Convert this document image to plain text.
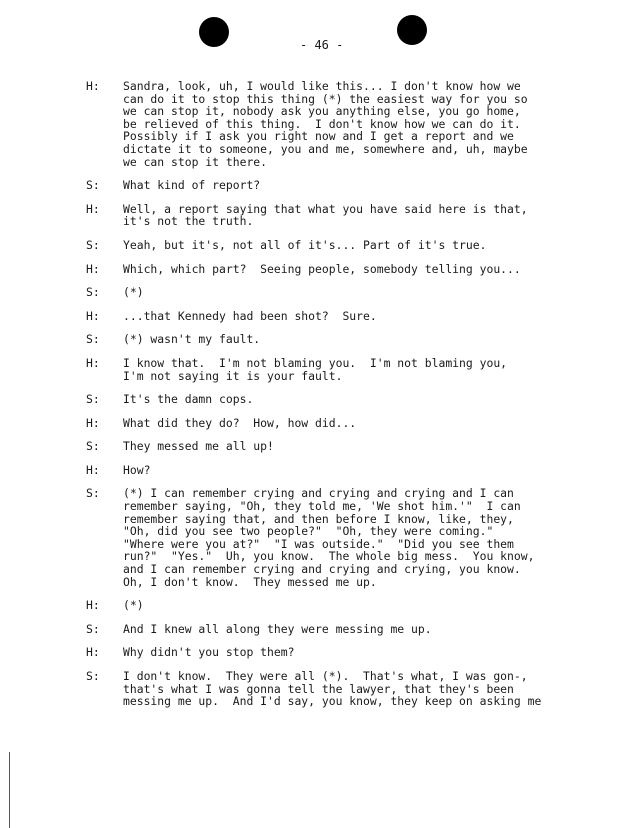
- 46 -
H:	Sandra, look, uh, I would like this... I don't know how we
can do it to stop this thing (*) the easiest way for you so
we can stop it, nobody ask you anything else, you go home,
be relieved of this thing.  I don't know how we can do it.
Possibly if I ask you right now and I get a report and we
dictate it to someone, you and me, somewhere and, uh, maybe
we can stop it there.
S:	What kind of report?
H:	Well, a report saying that what you have said here is that,
it's not the truth.
S:	Yeah, but it's, not all of it's... Part of it's true.
H:	Which, which part?  Seeing people, somebody telling you...
S:	(*)
H:	...that Kennedy had been shot?  Sure.
S:	(*) wasn't my fault.
H:	I know that.  I'm not blaming you.  I'm not blaming you,
I'm not saying it is your fault.
S:	It's the damn cops.
H:	What did they do?  How, how did...
S:	They messed me all up!
H:	How?
S:	(*) I can remember crying and crying and crying and I can
remember saying, "Oh, they told me, 'We shot him.'"  I can
remember saying that, and then before I know, like, they,
"Oh, did you see two people?"  "Oh, they were coming."
"Where were you at?"  "I was outside."  "Did you see them
run?"  "Yes."  Uh, you know.  The whole big mess.  You know,
and I can remember crying and crying and crying, you know.
Oh, I don't know.  They messed me up.
H:	(*)
S:	And I knew all along they were messing me up.
H:	Why didn't you stop them?
S:	I don't know.  They were all (*).  That's what, I was gon-,
that's what I was gonna tell the lawyer, that they's been
messing me up.  And I'd say, you know, they keep on asking me
